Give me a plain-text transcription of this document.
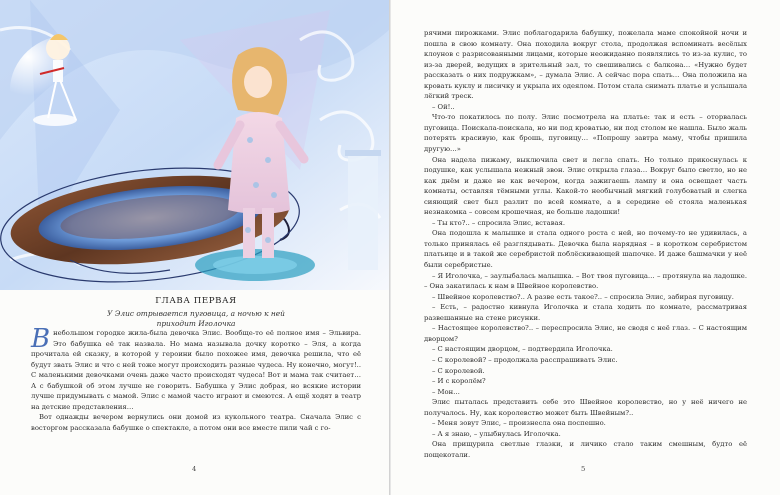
ГЛАВА ПЕРВАЯ

У Элис отрывается пуговица, а ночью к ней
приходит Иголочка

Внебольшом городке жила-была девочка Элис. Вообще-то её полное имя – Эльвира. Это бабушка её так назвала. Но мама называла дочку коротко – Эля, а когда прочитала ей сказку, в которой у героини было похожее имя, девочка решила, что её будут звать Элис и что с ней тоже могут происходить разные чудеса. Ну конечно, могут!.. С маленькими девочками очень даже часто происходят чудеса! Вот и мама так считает… А с бабушкой об этом лучше не говорить. Бабушка у Элис добрая, но всякие истории лучше придумывать с мамой. Элис с мамой часто играют и смеются. А ещё ходят в театр на детские представления…

Вот однажды вечером вернулись они домой из кукольного театра. Сначала Элис с восторгом рассказала бабушке о спектакле, а потом они все вместе пили чай с го-

4

рячими пирожками. Элис поблагодарила бабушку, пожелала маме спокойной ночи и пошла в свою комнату. Она походила вокруг стола, продолжая вспоминать весёлых клоунов с разрисованными лицами, которые неожиданно появлялись то из-за кулис, то из-за дверей, ведущих в зрительный зал, то свешивались с балкона… «Нужно будет рассказать о них подружкам», – думала Элис. А сейчас пора спать… Она положила на кровать куклу и лисичку и укрыла их одеялом. Потом стала снимать платье и услышала лёгкий треск.

– Ой!..

Что-то покатилось по полу. Элис посмотрела на платье: так и есть – оторвалась пуговица. Поискала-поискала, но ни под кроватью, ни под столом не нашла. Было жаль потерять красивую, как брошь, пуговицу… «Попрошу завтра маму, чтобы пришила другую…»

Она надела пижаму, выключила свет и легла спать. Но только прикоснулась к подушке, как услышала нежный звон. Элис открыла глаза… Вокруг было светло, но не как днём и даже не как вечером, когда зажигаешь лампу и она освещает часть комнаты, оставляя тёмными углы. Какой-то необычный мягкий голубоватый и слегка сияющий свет был разлит по всей комнате, а в середине её стояла маленькая незнакомка – совсем крошечная, не больше ладошки!

– Ты кто?.. – спросила Элис, вставая.

Она подошла к малышке и стала одного роста с ней, но почему-то не удивилась, а только принялась её разглядывать. Девочка была нарядная – в коротком серебристом платьице и в такой же серебристой поблёскивающей шапочке. И даже башмачки у неё были серебристые.

– Я Иголочка, – заулыбалась малышка. – Вот твоя пуговица… – протянула на ладошке. – Она закатилась к нам в Швейное королевство.

– Швейное королевство?.. А разве есть такое?.. – спросила Элис, забирая пуговицу.

– Есть, – радостно кивнула Иголочка и стала ходить по комнате, рассматривая развешанные на стене рисунки.

– Настоящее королевство?.. – переспросила Элис, не сводя с неё глаз. – С настоящим дворцом?

– С настоящим дворцом, – подтвердила Иголочка.

– С королевой? – продолжала расспрашивать Элис.

– С королевой.

– И с королём?

– Мон…

Элис пыталась представить себе это Швейное королевство, но у неё ничего не получалось. Ну, как королевство может быть Швейным?..

– Меня зовут Элис, – произнесла она поспешно.

– А я знаю, – улыбнулась Иголочка.

Она прищурила светлые глазки, и личико стало таким смешным, будто её пощекотали.

5
